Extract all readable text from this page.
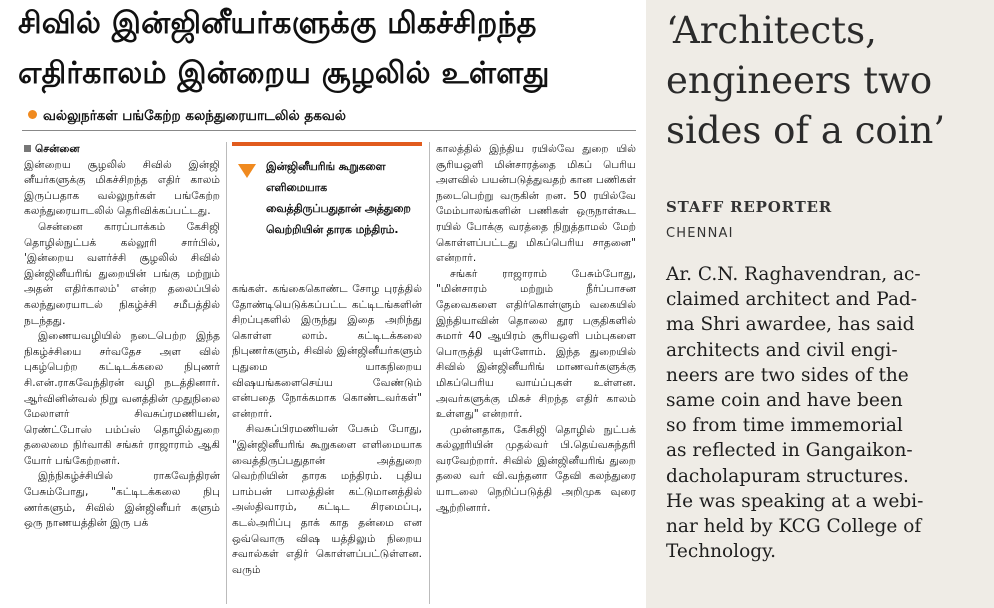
சிவில் இன்ஜினீயர்களுக்கு மிகச்சிறந்த
எதிர்காலம் இன்றைய சூழலில் உள்ளது
வல்லுநர்கள் பங்கேற்ற கலந்துரையாடலில் தகவல்

சென்னை

இன்றைய சூழலில் சிவில் இன்ஜி னீயர்களுக்கு மிகச்சிறந்த எதிர் காலம் இருப்பதாக வல்லுநர்கள் பங்கேற்ற கலந்துரையாடலில் தெரிவிக்கப்பட்டது.

சென்னை காரப்பாக்கம் கேசிஜி தொழில்நுட்பக் கல்லூரி சார்பில், 'இன்றைய வளர்ச்சி சூழலில் சிவில் இன்ஜினீயரிங் துறையின் பங்கு மற்றும் அதன் எதிர்காலம்' என்ற தலைப்பில் கலந்துரையாடல் நிகழ்ச்சி சமீபத்தில் நடந்தது.

இணையவழியில் நடைபெற்ற இந்த நிகழ்ச்சியை சர்வதேச அள வில் புகழ்பெற்ற கட்டிடக்கலை நிபுணர் சி.என்.ராகவேந்திரன் வழி நடத்தினார். ஆர்வினின்வல் நிறு வனத்தின் முதுநிலை மேலாளர் சிவசுப்ரமணியன், ரெண்ட்போஸ் பம்ப்ஸ் தொழில்துறை தலைமை நிர்வாகி சங்கர் ராஜாராம் ஆகி யோர் பங்கேற்றனர்.

இந்நிகழ்ச்சியில் ராகவேந்திரன் பேசும்போது, "கட்டிடக்கலை நிபு ணர்களும், சிவில் இன்ஜினீயர் களும் ஒரு நாணயத்தின் இரு பக்

இன்ஜினீயரிங் கூறுகளை எளிமையாக வைத்திருப்பதுதான் அத்துறை வெற்றியின் தாரக மந்திரம்.

கங்கள். கங்கைகொண்ட சோழ புரத்தில் தோண்டியெடுக்கப்பட்ட கட்டிடங்களின் சிறப்புகளில் இருந்து இதை அறிந்து கொள்ள லாம். கட்டிடக்கலை நிபுணர்களும், சிவில் இன்ஜினீயர்களும் புதுமை யாகநிறைய விஷயங்களைசெய்ய வேண்டும் என்பதை நோக்கமாக கொண்டவர்கள்" என்றார்.

சிவசுப்பிரமணியன் பேசும் போது, "இன்ஜினீயரிங் கூறுகளை எளிமையாக வைத்திருப்பதுதான் அத்துறை வெற்றியின் தாரக மந்திரம். புதிய பாம்பன் பாலத்தின் கட்டுமானத்தில் அஸ்திவாரம், கட்டிட சிரமைப்பு, கடல்அரிப்பு தாக் காத தன்மை என ஒவ்வொரு விஷ யத்திலும் நிறைய சவால்கள் எதிர் கொள்ளப்பட்டுள்ளன. வரும்

காலத்தில் இந்திய ரயில்வே துறை யில் சூரியஒளி மின்சாரத்தை மிகப் பெரிய அளவில் பயன்படுத்துவதற் கான பணிகள் நடைபெற்று வருகின் றன. 50 ரயில்வே மேம்பாலங்களின் பணிகள் ஒருநாள்கூட ரயில் போக்கு வரத்தை நிறுத்தாமல் மேற் கொள்ளப்பட்டது மிகப்பெரிய சாதனை" என்றார்.

சங்கர் ராஜாராம் பேசும்போது, "மின்சாரம் மற்றும் நீர்ப்பாசன தேவைகளை எதிர்கொள்ளும் வகையில் இந்தியாவின் தொலை தூர பகுதிகளில் சுமார் 40 ஆயிரம் சூரியஒளி பம்புகளை பொருத்தி யுள்ளோம். இந்த துறையில் சிவில் இன்ஜினீயரிங் மாணவர்களுக்கு மிகப்பெரிய வாய்ப்புகள் உள்ளன. அவர்களுக்கு மிகச் சிறந்த எதிர் காலம் உள்ளது" என்றார்.

முன்னதாக, கேசிஜி தொழில் நுட்பக் கல்லூரியின் முதல்வர் பி.தெய்வசுந்தரி வரவேற்றார். சிவில் இன்ஜினீயரிங் துறை தலை வர் வி.வந்தனா தேவி கலந்துரை யாடலை நெறிப்படுத்தி அறிமுக வுரை ஆற்றினார்.

‘Architects,
engineers two
sides of a coin’
STAFF REPORTER
CHENNAI
Ar. C.N. Raghavendran, ac-
claimed architect and Pad-
ma Shri awardee, has said
architects and civil engi-
neers are two sides of the
same coin and have been
so from time immemorial
as reflected in Gangaikon-
dacholapuram structures.
He was speaking at a webi-
nar held by KCG College of
Technology.
